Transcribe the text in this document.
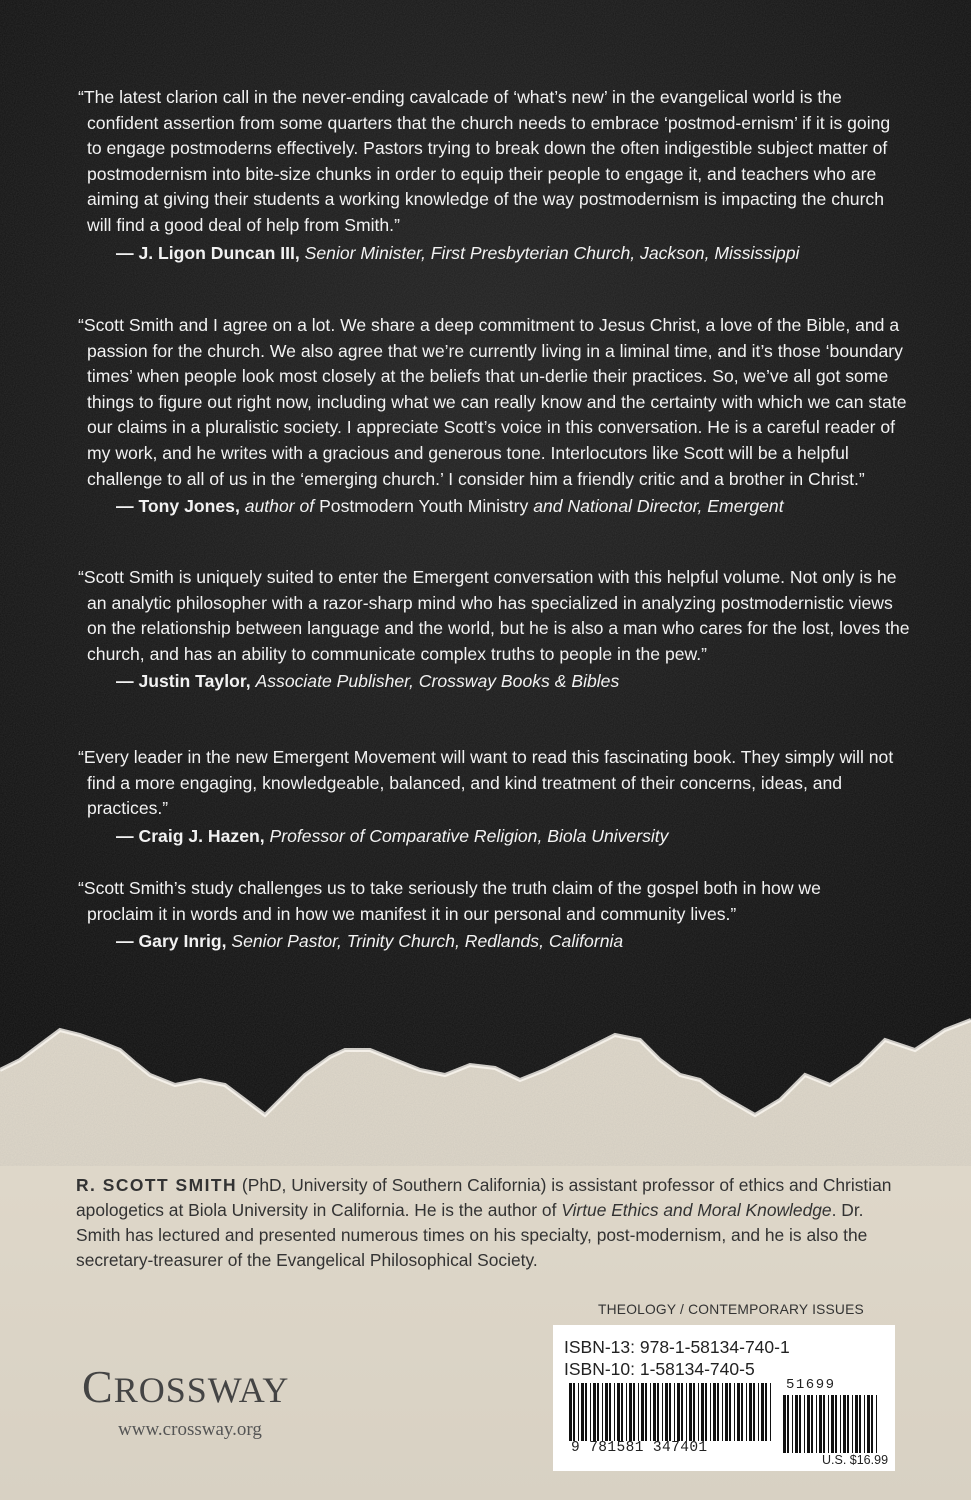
“The latest clarion call in the never-ending cavalcade of ‘what’s new’ in the evangelical world is the confident assertion from some quarters that the church needs to embrace ‘postmod-ernism’ if it is going to engage postmoderns effectively. Pastors trying to break down the often indigestible subject matter of postmodernism into bite-size chunks in order to equip their people to engage it, and teachers who are aiming at giving their students a working knowledge of the way postmodernism is impacting the church will find a good deal of help from Smith.”

— J. Ligon Duncan III, Senior Minister, First Presbyterian Church, Jackson, Mississippi

“Scott Smith and I agree on a lot. We share a deep commitment to Jesus Christ, a love of the Bible, and a passion for the church. We also agree that we’re currently living in a liminal time, and it’s those ‘boundary times’ when people look most closely at the beliefs that un-derlie their practices. So, we’ve all got some things to figure out right now, including what we can really know and the certainty with which we can state our claims in a pluralistic society. I appreciate Scott’s voice in this conversation. He is a careful reader of my work, and he writes with a gracious and generous tone. Interlocutors like Scott will be a helpful challenge to all of us in the ‘emerging church.’ I consider him a friendly critic and a brother in Christ.”

— Tony Jones, author of Postmodern Youth Ministry and National Director, Emergent

“Scott Smith is uniquely suited to enter the Emergent conversation with this helpful volume. Not only is he an analytic philosopher with a razor-sharp mind who has specialized in analyzing postmodernistic views on the relationship between language and the world, but he is also a man who cares for the lost, loves the church, and has an ability to communicate complex truths to people in the pew.”

— Justin Taylor, Associate Publisher, Crossway Books & Bibles

“Every leader in the new Emergent Movement will want to read this fascinating book. They simply will not find a more engaging, knowledgeable, balanced, and kind treatment of their concerns, ideas, and practices.”

— Craig J. Hazen, Professor of Comparative Religion, Biola University

“Scott Smith’s study challenges us to take seriously the truth claim of the gospel both in how we proclaim it in words and in how we manifest it in our personal and community lives.”

— Gary Inrig, Senior Pastor, Trinity Church, Redlands, California

R. SCOTT SMITH (PhD, University of Southern California) is assistant professor of ethics and Christian apologetics at Biola University in California. He is the author of Virtue Ethics and Moral Knowledge. Dr. Smith has lectured and presented numerous times on his specialty, post-modernism, and he is also the secretary-treasurer of the Evangelical Philosophical Society.
CROSSWAY
www.crossway.org
THEOLOGY / CONTEMPORARY ISSUES
ISBN-13: 978-1-58134-740-1
ISBN-10: 1-58134-740-5
51699
9 781581 347401
U.S. $16.99
